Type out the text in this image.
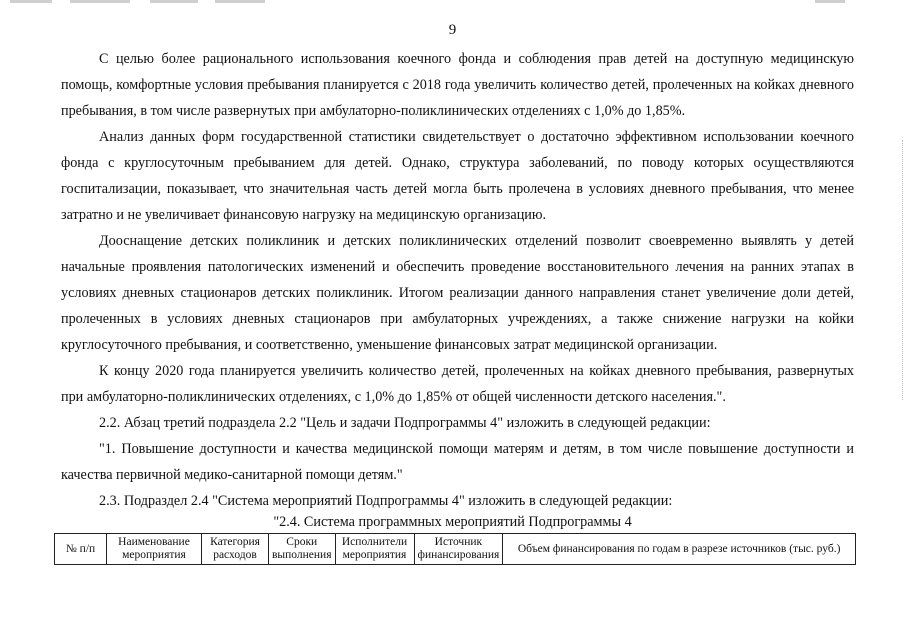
9

С целью более рационального использования коечного фонда и соблюдения прав детей на доступную медицинскую помощь, комфортные условия пребывания планируется с 2018 года увеличить количество детей, пролеченных на койках дневного пребывания, в том числе развернутых при амбулаторно-поликлинических отделениях с 1,0% до 1,85%.

Анализ данных форм государственной статистики свидетельствует о достаточно эффективном использовании коечного фонда с круглосуточным пребыванием для детей. Однако, структура заболеваний, по поводу которых осуществляются госпитализации, показывает, что значительная часть детей могла быть пролечена в условиях дневного пребывания, что менее затратно и не увеличивает финансовую нагрузку на медицинскую организацию.

Дооснащение детских поликлиник и детских поликлинических отделений позволит своевременно выявлять у детей начальные проявления патологических изменений и обеспечить проведение восстановительного лечения на ранних этапах в условиях дневных стационаров детских поликлиник. Итогом реализации данного направления станет увеличение доли детей, пролеченных в условиях дневных стационаров при амбулаторных учреждениях, а также снижение нагрузки на койки круглосуточного пребывания, и соответственно, уменьшение финансовых затрат медицинской организации.

К концу 2020 года планируется увеличить количество детей, пролеченных на койках дневного пребывания, развернутых при амбулаторно-поликлинических отделениях, с 1,0% до 1,85% от общей численности детского населения.".

2.2. Абзац третий подраздела 2.2 "Цель и задачи Подпрограммы 4" изложить в следующей редакции:

"1. Повышение доступности и качества медицинской помощи матерям и детям, в том числе повышение доступности и качества первичной медико-санитарной помощи детям."

2.3. Подраздел 2.4 "Система мероприятий Подпрограммы 4" изложить в следующей редакции:

"2.4. Система программных мероприятий Подпрограммы 4
№ п/п	Наименование мероприятия	Категория расходов	Сроки выполнения	Исполнители мероприятия	Источник финансирования	Объем финансирования по годам в разрезе источников (тыс. руб.)
